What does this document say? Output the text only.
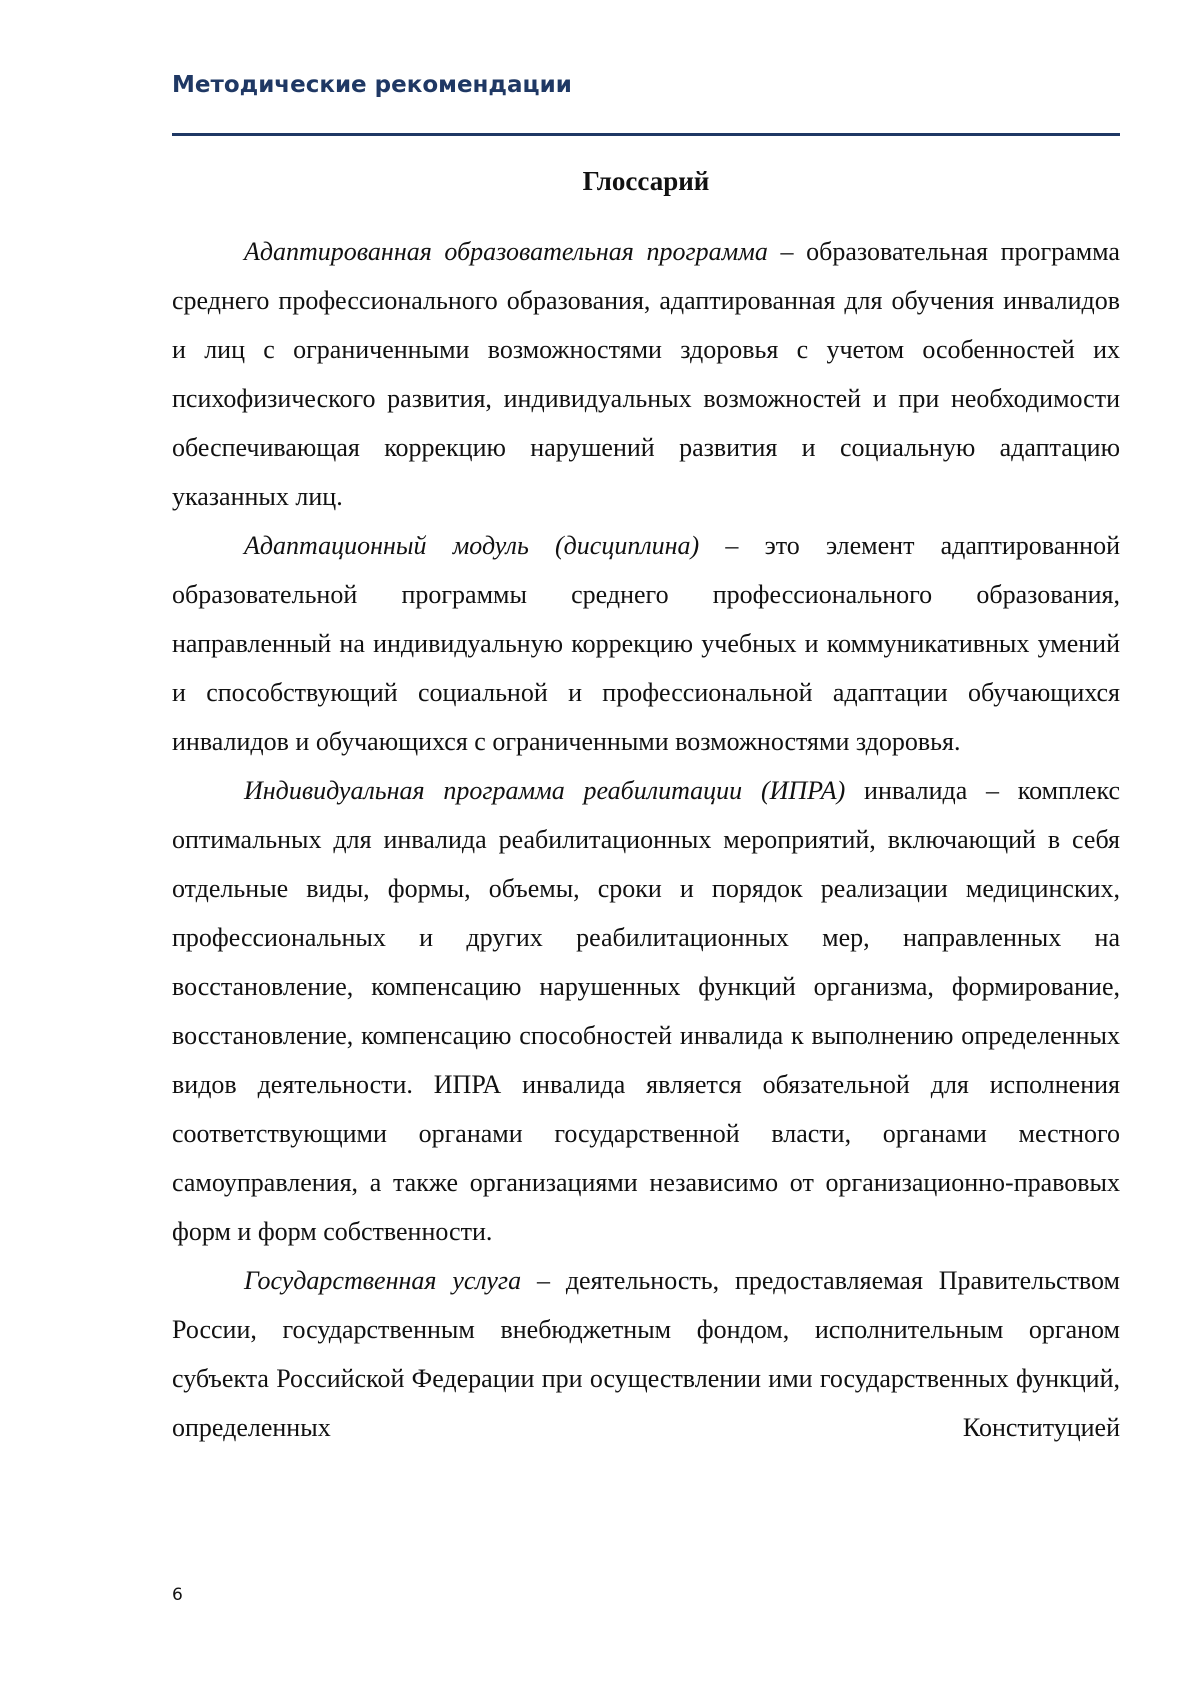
Методические рекомендации
Глоссарий

Адаптированная образовательная программа – образовательная программа среднего профессионального образования, адаптированная для обучения инвалидов и лиц с ограниченными возможностями здоровья с учетом особенностей их психофизического развития, индивидуальных возможностей и при необходимости обеспечивающая коррекцию нарушений развития и социальную адаптацию указанных лиц.

Адаптационный модуль (дисциплина) – это элемент адаптированной образовательной программы среднего профессионального образования, направленный на индивидуальную коррекцию учебных и коммуникативных умений и способствующий социальной и профессиональной адаптации обучающихся инвалидов и обучающихся с ограниченными возможностями здоровья.

Индивидуальная программа реабилитации (ИПРА) инвалида – комплекс оптимальных для инвалида реабилитационных мероприятий, включающий в себя отдельные виды, формы, объемы, сроки и порядок реализации медицинских, профессиональных и других реабилитационных мер, направленных на восстановление, компенсацию нарушенных функций организма, формирование, восстановление, компенсацию способностей инвалида к выполнению определенных видов деятельности. ИПРА инвалида является обязательной для исполнения соответствующими органами государственной власти, органами местного самоуправления, а также организациями независимо от организационно-правовых форм и форм собственности.

Государственная услуга – деятельность, предоставляемая Правительством России, государственным внебюджетным фондом, исполнительным органом субъекта Российской Федерации при осуществлении ими государственных функций, определенных Конституцией

6
